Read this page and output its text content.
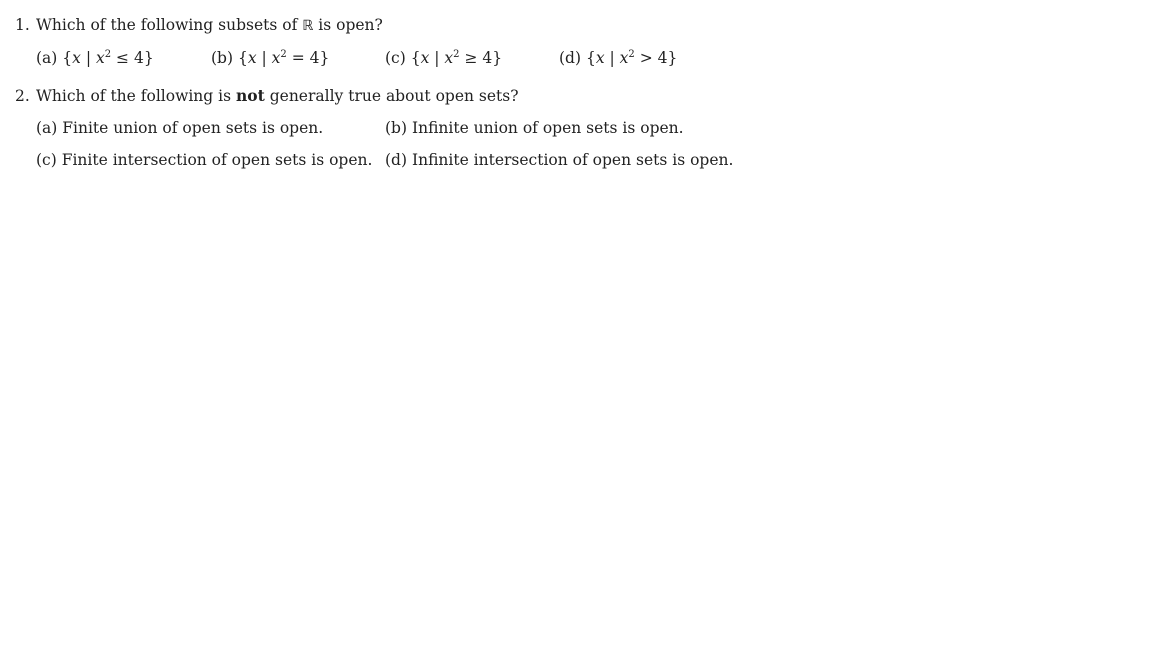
1. Which of the following subsets of ℝ is open?
(a) {x | $x^2 \le 4$}	(b) {x | $x^2 = 4$}	(c) {x | $x^2 \ge 4$}	(d) {x | $x^2 > 4$}
2. Which of the following is not generally true about open sets?
(a) Finite union of open sets is open.	(b) Infinite union of open sets is open.
(c) Finite intersection of open sets is open. (d) Infinite intersection of open sets is open.
